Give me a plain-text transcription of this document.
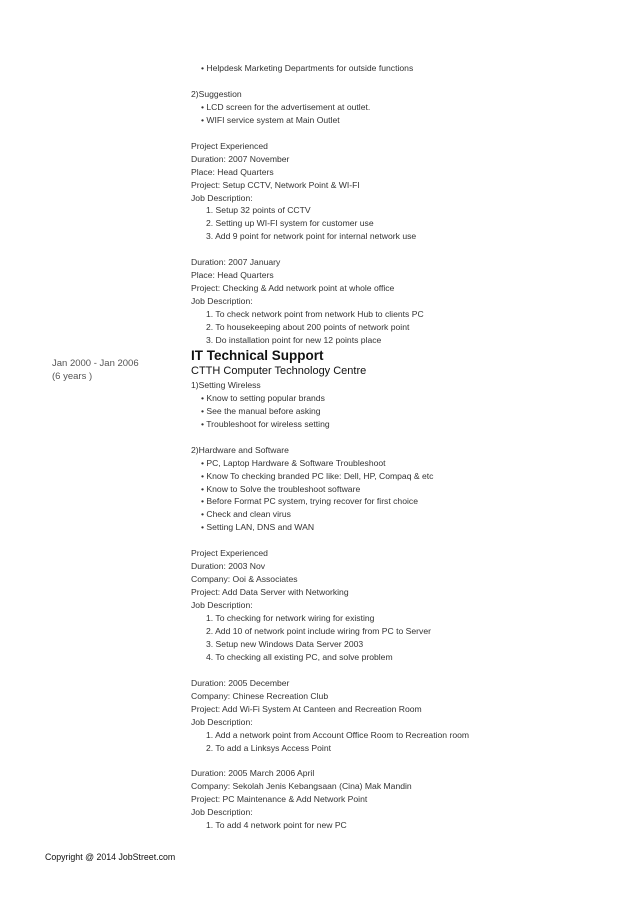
• Helpdesk Marketing Departments for outside functions
2)Suggestion
• LCD screen for the advertisement at outlet.
• WIFI service system at Main Outlet
Project Experienced
Duration: 2007 November
Place: Head Quarters
Project: Setup CCTV, Network Point & WI-FI
Job Description:
1. Setup 32 points of CCTV
2. Setting up WI-FI system for customer use
3. Add 9 point for network point for internal network use
Duration: 2007 January
Place: Head Quarters
Project: Checking & Add network point at whole office
Job Description:
1. To check network point from network Hub to clients PC
2. To housekeeping about 200 points of network point
3. Do installation point for new 12 points place
IT Technical Support
CTTH Computer Technology Centre
1)Setting Wireless
• Know to setting popular brands
• See the manual before asking
• Troubleshoot for wireless setting
2)Hardware and Software
• PC, Laptop Hardware & Software Troubleshoot
• Know To checking branded PC like: Dell, HP, Compaq & etc
• Know to Solve the troubleshoot software
• Before Format PC system, trying recover for first choice
• Check and clean virus
• Setting LAN, DNS and WAN
Project Experienced
Duration: 2003 Nov
Company: Ooi & Associates
Project: Add Data Server with Networking
Job Description:
1. To checking for network wiring for existing
2. Add 10 of network point include wiring from PC to Server
3. Setup new Windows Data Server 2003
4. To checking all existing PC, and solve problem
Duration: 2005 December
Company: Chinese Recreation Club
Project: Add Wi-Fi System At Canteen and Recreation Room
Job Description:
1. Add a network point from Account Office Room to Recreation room
2. To add a Linksys Access Point
Duration: 2005 March 2006 April
Company: Sekolah Jenis Kebangsaan (Cina) Mak Mandin
Project: PC Maintenance & Add Network Point
Job Description:
1. To add 4 network point for new PC
Jan 2000 - Jan 2006
(6 years )
Copyright @ 2014 JobStreet.com
